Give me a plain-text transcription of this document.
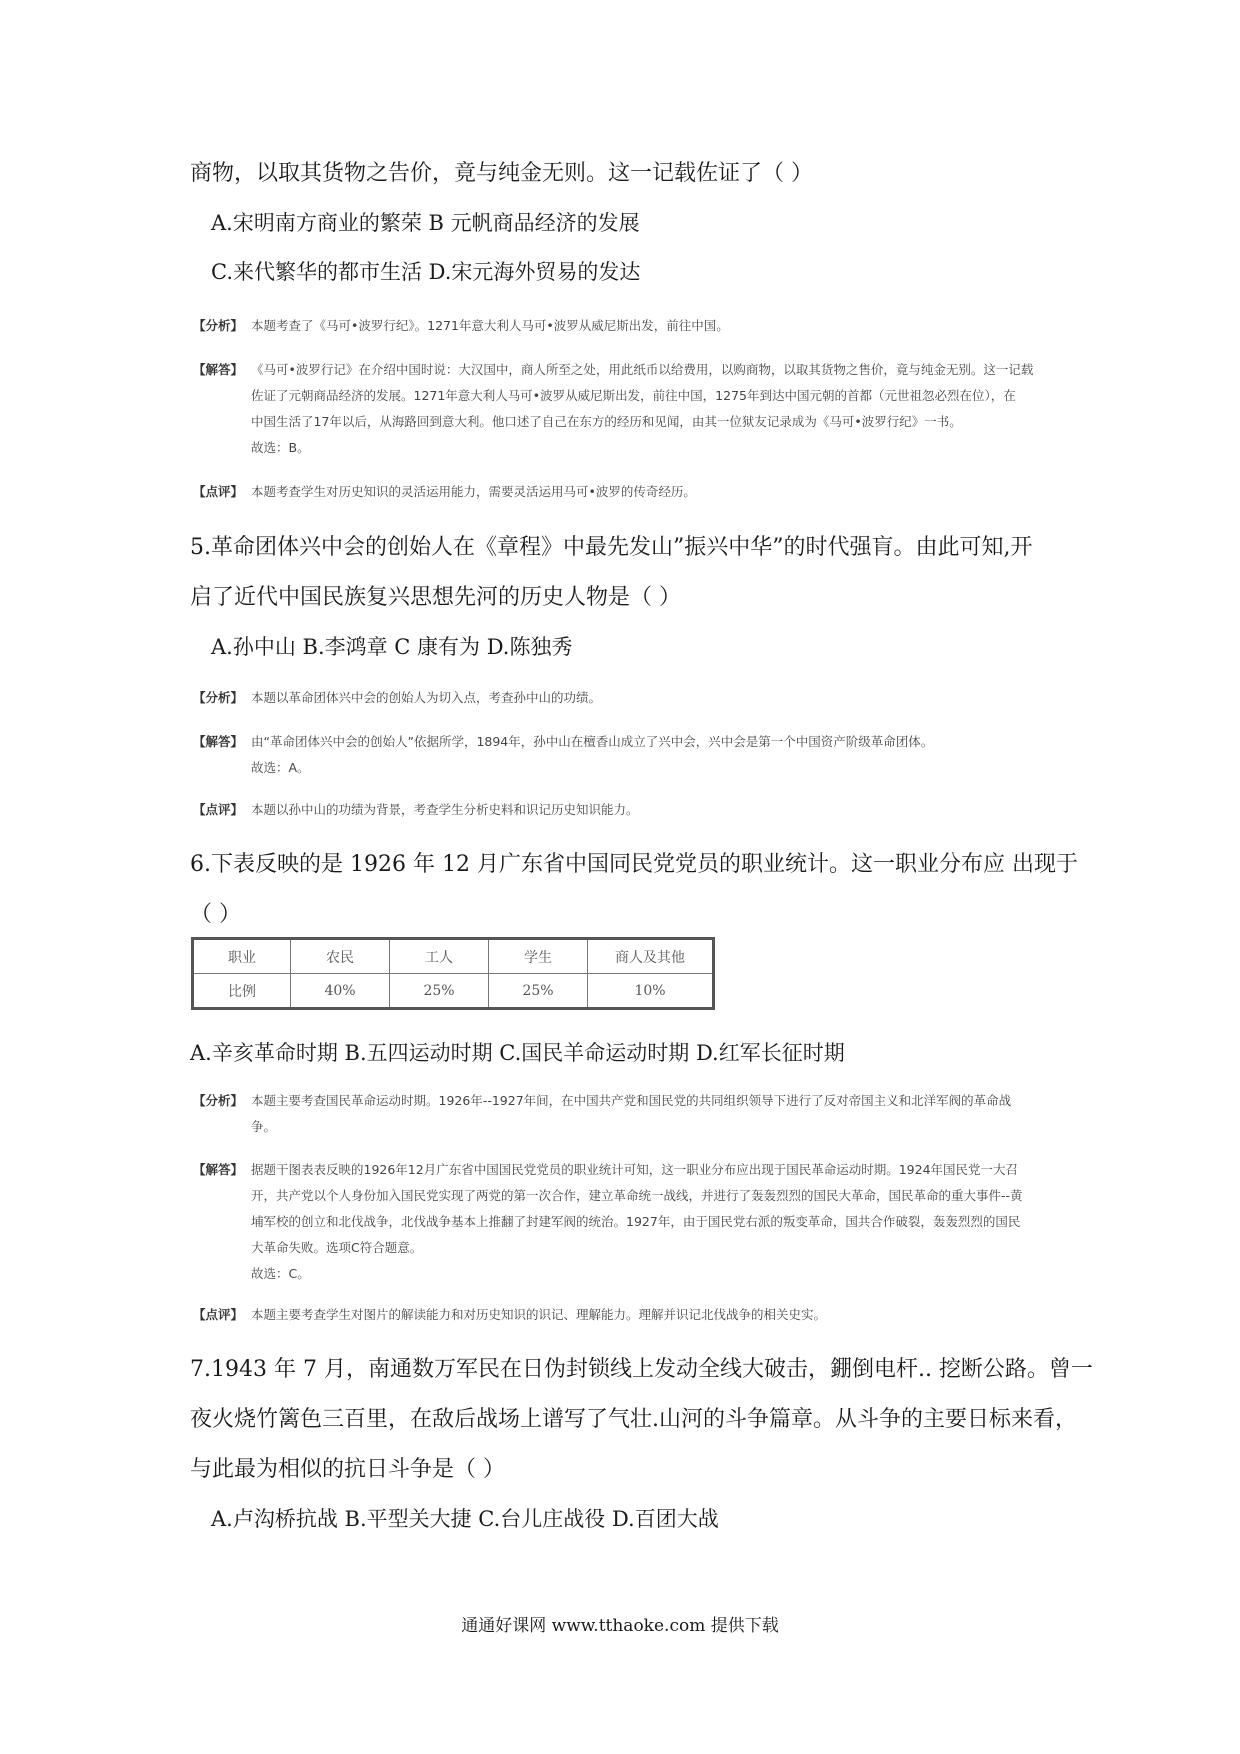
商物，以取其货物之告价，竟与纯金无则。这一记载佐证了（ ）
A.宋明南方商业的繁荣 B 元帆商品经济的发展
C.来代繁华的都市生活 D.宋元海外贸易的发达
【分析】 本题考查了《马可•波罗行纪》。1271年意大利人马可•波罗从威尼斯出发，前往中国。
【解答】 《马可•波罗行记》在介绍中国时说：大汉国中，商人所至之处，用此纸币以给费用，以购商物，以取其货物之售价，竟与纯金无别。这一记载
佐证了元朝商品经济的发展。1271年意大利人马可•波罗从威尼斯出发，前往中国，1275年到达中国元朝的首都（元世祖忽必烈在位），在
中国生活了17年以后，从海路回到意大利。他口述了自己在东方的经历和见闻，由其一位狱友记录成为《马可•波罗行纪》一书。
故选：B。
【点评】 本题考查学生对历史知识的灵活运用能力，需要灵活运用马可•波罗的传奇经历。
5.革命团体兴中会的创始人在《章程》中最先发山”振兴中华”的时代强肓。由此可知,开
启了近代中国民族复兴思想先河的历史人物是（ ）
A.孙中山 B.李鸿章 C 康有为 D.陈独秀
【分析】 本题以革命团体兴中会的创始人为切入点，考查孙中山的功绩。
【解答】 由“革命团体兴中会的创始人”依据所学，1894年，孙中山在檀香山成立了兴中会，兴中会是第一个中国资产阶级革命团体。
故选：A。
【点评】 本题以孙中山的功绩为背景，考查学生分析史料和识记历史知识能力。
6.下表反映的是 1926 年 12 月广东省中国同民党党员的职业统计。这一职业分布应 出现于
（ ）
职业	农民	工人	学生	商人及其他
比例	40%	25%	25%	10%
A.辛亥革命时期 B.五四运动时期 C.国民羊命运动时期 D.红军长征时期
【分析】 本题主要考查国民革命运动时期。1926年--1927年间，在中国共产党和国民党的共同组织领导下进行了反对帝国主义和北洋军阀的革命战
争。
【解答】 据题干图表表反映的1926年12月广东省中国国民党党员的职业统计可知，这一职业分布应出现于国民革命运动时期。1924年国民党一大召
开，共产党以个人身份加入国民党实现了两党的第一次合作，建立革命统一战线，并进行了轰轰烈烈的国民大革命，国民革命的重大事件--黄
埔军校的创立和北伐战争，北伐战争基本上推翻了封建军阀的统治。1927年，由于国民党右派的叛变革命，国共合作破裂，轰轰烈烈的国民
大革命失败。选项C符合题意。
故选：C。
【点评】 本题主要考查学生对图片的解读能力和对历史知识的识记、理解能力。理解并识记北伐战争的相关史实。
7.1943 年 7 月，南通数万军民在日伪封锁线上发动全线大破击，錋倒电杆.. 挖断公路。曾一
夜火烧竹篱色三百里，在敌后战场上谱写了气壮.山河的斗争篇章。从斗争的主要日标来看，
与此最为相似的抗日斗争是（ ）
A.卢沟桥抗战 B.平型关大捷 C.台儿庄战役 D.百团大战
通通好课网 www.tthaoke.com 提供下载
